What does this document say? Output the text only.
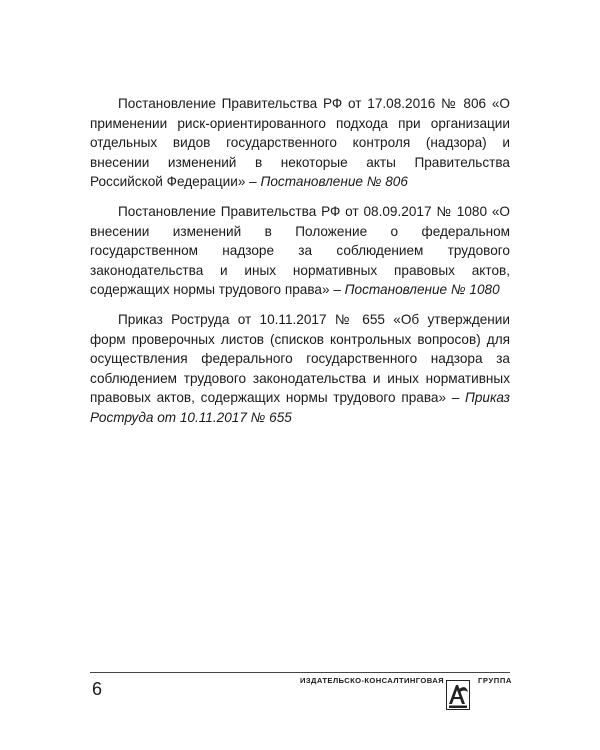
Постановление Правительства РФ от 17.08.2016 № 806 «О применении риск-ориентированного подхода при организации отдельных видов государственного контроля (надзора) и внесении изменений в некоторые акты Правительства Российской Федерации» – Постановление № 806

Постановление Правительства РФ от 08.09.2017 № 1080 «О внесении изменений в Положение о федеральном государственном надзоре за соблюдением трудового законодательства и иных нормативных правовых актов, содержащих нормы трудового права» – Постановление № 1080

Приказ Роструда от 10.11.2017 № 655 «Об утверждении форм проверочных листов (списков контрольных вопросов) для осуществления федерального государственного надзора за соблюдением трудового законодательства и иных нормативных правовых актов, содержащих нормы трудового права» – Приказ Роструда от 10.11.2017 № 655

6	ИЗДАТЕЛЬСКО-КОНСАЛТИНГОВАЯ	ГРУППА
